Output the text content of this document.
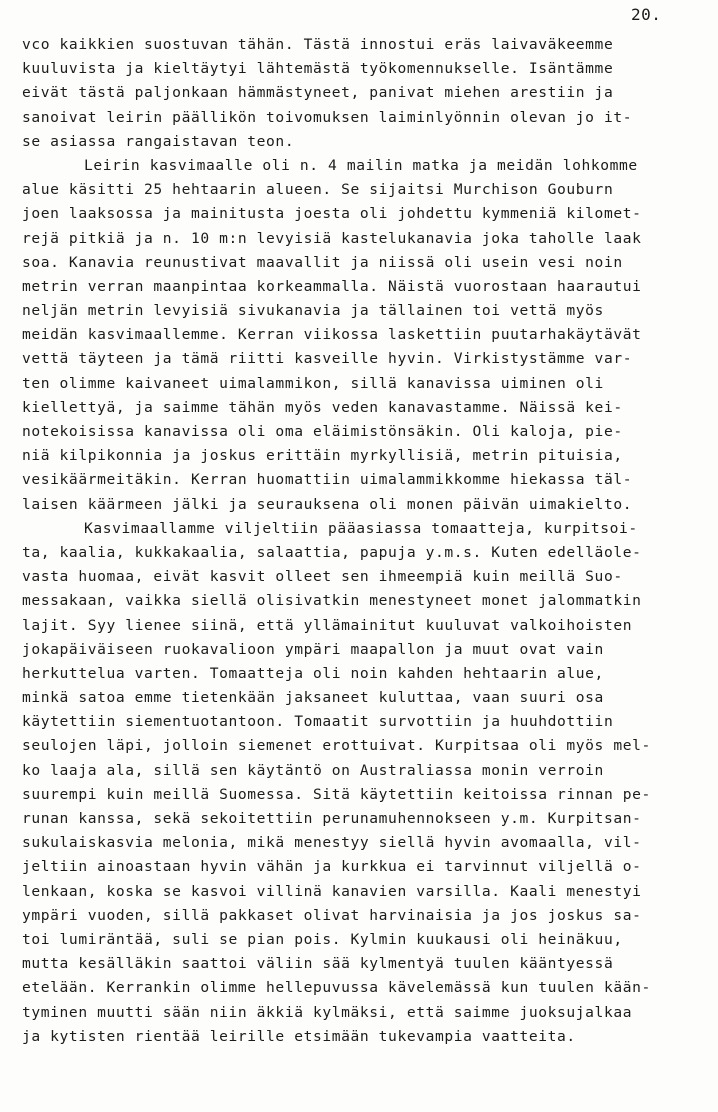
20.
vco kaikkien suostuvan tähän. Tästä innostui eräs laivaväkeemme
kuuluvista ja kieltäytyi lähtemästä työkomennukselle. Isäntämme
eivät tästä paljonkaan hämmästyneet, panivat miehen arestiin ja
sanoivat leirin päällikön toivomuksen laiminlyönnin olevan jo it-
se asiassa rangaistavan teon.
Leirin kasvimaalle oli n. 4 mailin matka ja meidän lohkomme
alue käsitti 25 hehtaarin alueen. Se sijaitsi Murchison Gouburn
joen laaksossa ja mainitusta joesta oli johdettu kymmeniä kilomet-
rejä pitkiä ja n. 10 m:n levyisiä kastelukanavia joka taholle laak
soa. Kanavia reunustivat maavallit ja niissä oli usein vesi noin
metrin verran maanpintaa korkeammalla. Näistä vuorostaan haarautui
neljän metrin levyisiä sivukanavia ja tällainen toi vettä myös
meidän kasvimaallemme. Kerran viikossa laskettiin puutarhakäytävät
vettä täyteen ja tämä riitti kasveille hyvin. Virkistystämme var-
ten olimme kaivaneet uimalammikon, sillä kanavissa uiminen oli
kiellettyä, ja saimme tähän myös veden kanavastamme. Näissä kei-
notekoisissa kanavissa oli oma eläimistönsäkin. Oli kaloja, pie-
niä kilpikonnia ja joskus erittäin myrkyllisiä, metrin pituisia,
vesikäärmeitäkin. Kerran huomattiin uimalammikkomme hiekassa täl-
laisen käärmeen jälki ja seurauksena oli monen päivän uimakielto.
Kasvimaallamme viljeltiin pääasiassa tomaatteja, kurpitsoi-
ta, kaalia, kukkakaalia, salaattia, papuja y.m.s. Kuten edelläole-
vasta huomaa, eivät kasvit olleet sen ihmeempiä kuin meillä Suo-
messakaan, vaikka siellä olisivatkin menestyneet monet jalommatkin
lajit. Syy lienee siinä, että yllämainitut kuuluvat valkoihoisten
jokapäiväiseen ruokavalioon ympäri maapallon ja muut ovat vain
herkuttelua varten. Tomaatteja oli noin kahden hehtaarin alue,
minkä satoa emme tietenkään jaksaneet kuluttaa, vaan suuri osa
käytettiin siementuotantoon. Tomaatit survottiin ja huuhdottiin
seulojen läpi, jolloin siemenet erottuivat. Kurpitsaa oli myös mel-
ko laaja ala, sillä sen käytäntö on Australiassa monin verroin
suurempi kuin meillä Suomessa. Sitä käytettiin keitoissa rinnan pe-
runan kanssa, sekä sekoitettiin perunamuhennokseen y.m. Kurpitsan-
sukulaiskasvia melonia, mikä menestyy siellä hyvin avomaalla, vil-
jeltiin ainoastaan hyvin vähän ja kurkkua ei tarvinnut viljellä o-
lenkaan, koska se kasvoi villinä kanavien varsilla. Kaali menestyi
ympäri vuoden, sillä pakkaset olivat harvinaisia ja jos joskus sa-
toi lumiräntää, suli se pian pois. Kylmin kuukausi oli heinäkuu,
mutta kesälläkin saattoi väliin sää kylmentyä tuulen kääntyessä
etelään. Kerrankin olimme hellepuvussa kävelemässä kun tuulen kään-
tyminen muutti sään niin äkkiä kylmäksi, että saimme juoksujalkaa
ja kytisten rientää leirille etsimään tukevampia vaatteita.
